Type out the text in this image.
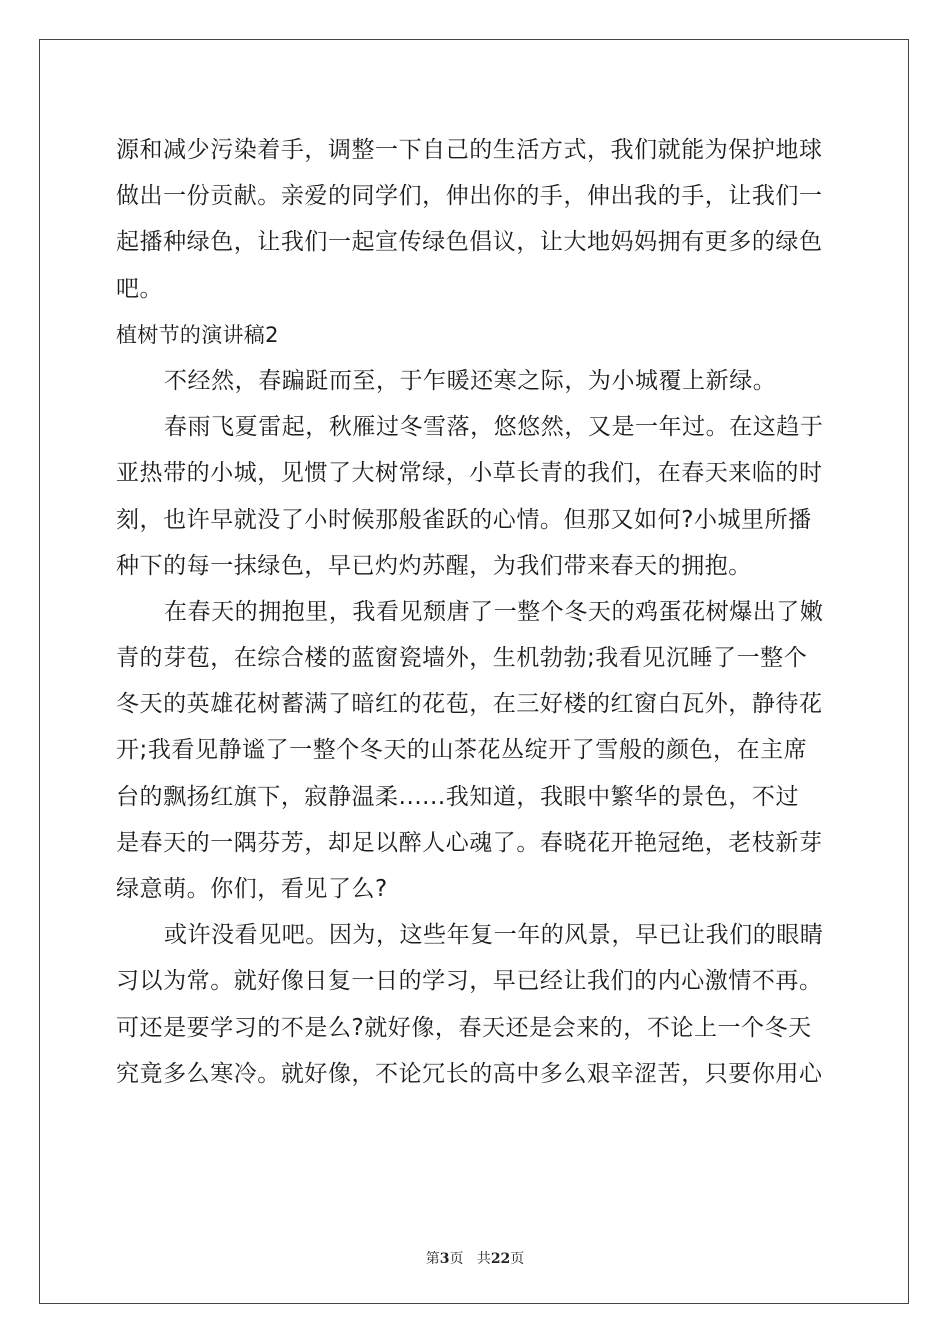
源和减少污染着手，调整一下自己的生活方式，我们就能为保护地球
做出一份贡献。亲爱的同学们，伸出你的手，伸出我的手，让我们一
起播种绿色，让我们一起宣传绿色倡议，让大地妈妈拥有更多的绿色
吧。
植树节的演讲稿2
不经然，春蹁跹而至，于乍暖还寒之际，为小城覆上新绿。
春雨飞夏雷起，秋雁过冬雪落，悠悠然，又是一年过。在这趋于
亚热带的小城，见惯了大树常绿，小草长青的我们，在春天来临的时
刻，也许早就没了小时候那般雀跃的心情。但那又如何?小城里所播
种下的每一抹绿色，早已灼灼苏醒，为我们带来春天的拥抱。
在春天的拥抱里，我看见颓唐了一整个冬天的鸡蛋花树爆出了嫩
青的芽苞，在综合楼的蓝窗瓷墙外，生机勃勃;我看见沉睡了一整个
冬天的英雄花树蓄满了暗红的花苞，在三好楼的红窗白瓦外，静待花
开;我看见静谧了一整个冬天的山茶花丛绽开了雪般的颜色，在主席
台的飘扬红旗下，寂静温柔......我知道，我眼中繁华的景色，不过
是春天的一隅芬芳，却足以醉人心魂了。春晓花开艳冠绝，老枝新芽
绿意萌。你们，看见了么?
或许没看见吧。因为，这些年复一年的风景，早已让我们的眼睛
习以为常。就好像日复一日的学习，早已经让我们的内心激情不再。
可还是要学习的不是么?就好像，春天还是会来的，不论上一个冬天
究竟多么寒冷。就好像，不论冗长的高中多么艰辛涩苦，只要你用心
第3页 共22页
